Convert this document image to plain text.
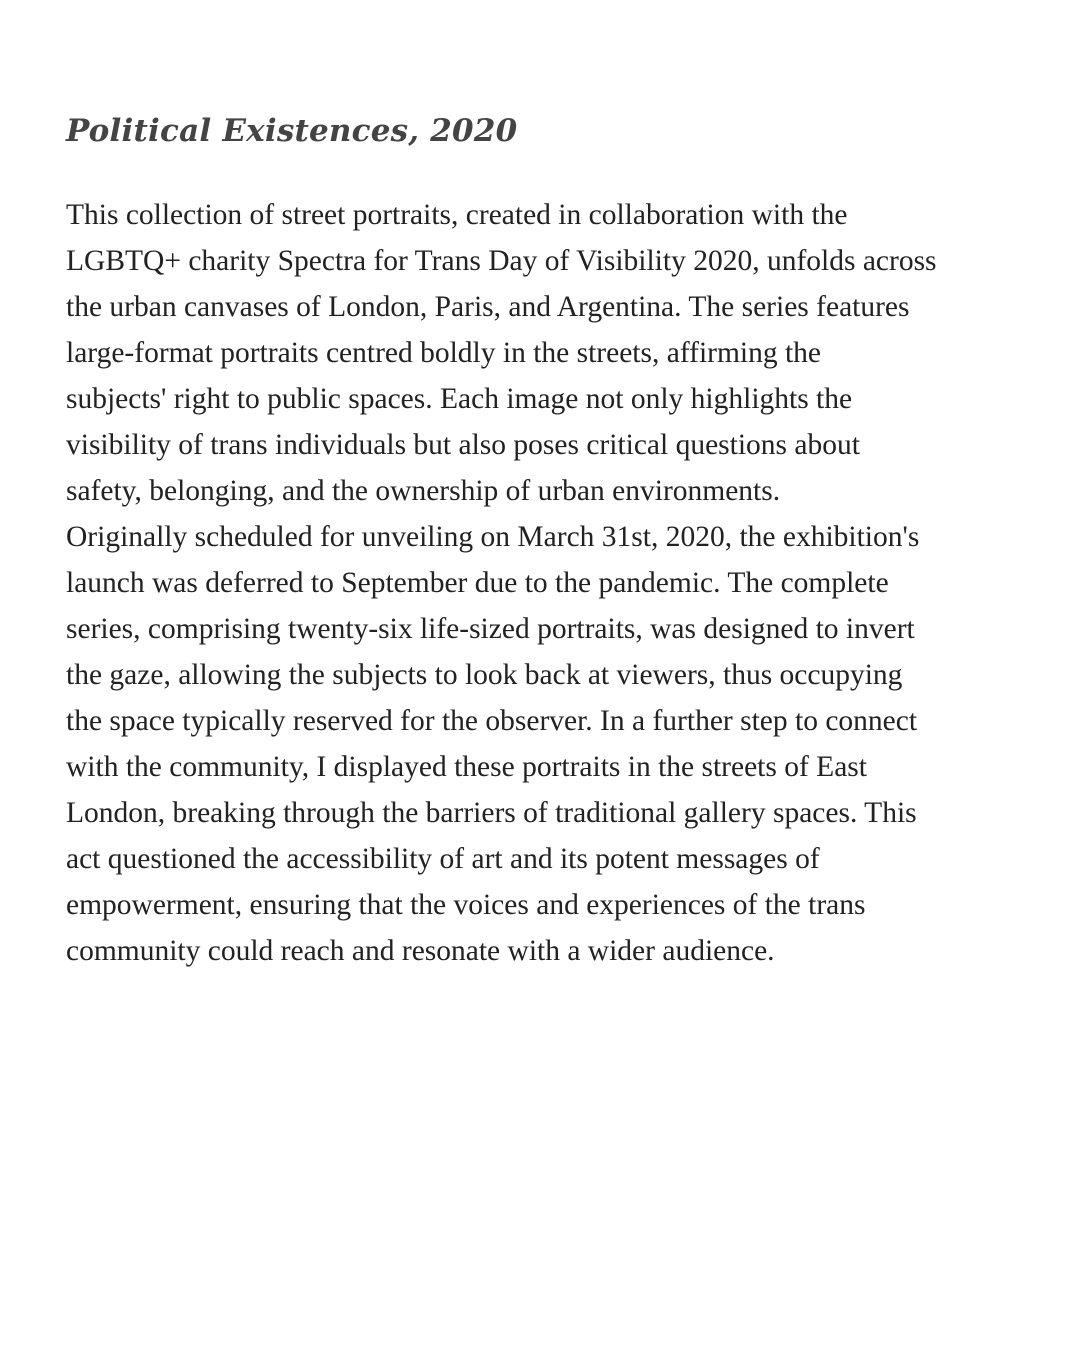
Political Existences, 2020
This collection of street portraits, created in collaboration with the
LGBTQ+ charity Spectra for Trans Day of Visibility 2020, unfolds across
the urban canvases of London, Paris, and Argentina. The series features
large-format portraits centred boldly in the streets, affirming the
subjects' right to public spaces. Each image not only highlights the
visibility of trans individuals but also poses critical questions about
safety, belonging, and the ownership of urban environments.
Originally scheduled for unveiling on March 31st, 2020, the exhibition's
launch was deferred to September due to the pandemic. The complete
series, comprising twenty-six life-sized portraits, was designed to invert
the gaze, allowing the subjects to look back at viewers, thus occupying
the space typically reserved for the observer. In a further step to connect
with the community, I displayed these portraits in the streets of East
London, breaking through the barriers of traditional gallery spaces. This
act questioned the accessibility of art and its potent messages of
empowerment, ensuring that the voices and experiences of the trans
community could reach and resonate with a wider audience.
